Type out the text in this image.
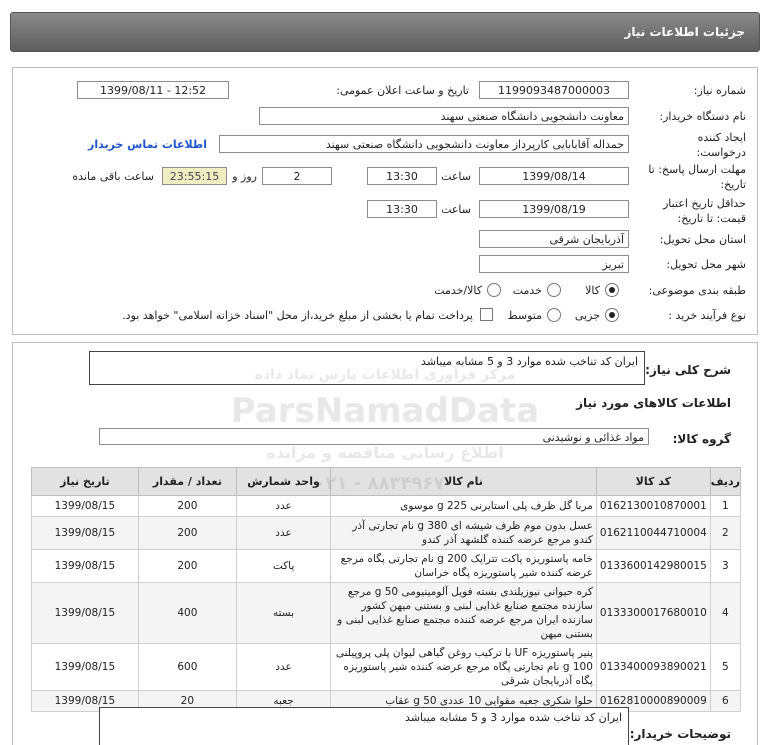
جزئیات اطلاعات نیاز
شماره نیاز:
1199093487000003
تاریخ و ساعت اعلان عمومی:
1399/08/11 - 12:52
نام دستگاه خریدار:
معاونت دانشجویی دانشگاه صنعتی سهند
ایجاد کننده درخواست:
حمداله آقابابایی کارپرداز معاونت دانشجویی دانشگاه صنعتی سهند
اطلاعات تماس خریدار
مهلت ارسال پاسخ: تا تاریخ:
1399/08/14
ساعت
13:30
2
روز و
23:55:15
ساعت باقی مانده
حداقل تاریخ اعتبار قیمت: تا تاریخ:
1399/08/19
ساعت
13:30
استان محل تحویل:
آذربایجان شرقی
شهر محل تحویل:
تبریز
طبقه بندی موضوعی:
کالا
خدمت
کالا/خدمت
نوع فرآیند خرید :
جزیی
متوسط
پرداخت تمام یا بخشی از مبلغ خرید،از محل "اسناد خزانه اسلامی" خواهد بود.
شرح کلی نیاز:
ایران کد تناخب شده موارد 3 و 5 مشابه میباشد
اطلاعات کالاهای مورد نیاز
گروه کالا:
مواد غذائی و نوشیدنی
ردیف	کد کالا	نام کالا	واحد شمارش	تعداد / مقدار	تاریخ نیاز
1	0162130010870001	مربا گل ظرف پلی استایرنی 225 g موسوی	عدد	200	1399/08/15
2	0162110044710004	عسل بدون موم ظرف شیشه ای 380 g نام تجارتی آذر کندو مرجع عرضه کننده گلشهد آذر کندو	عدد	200	1399/08/15
3	0133600142980015	خامه پاستوریزه پاکت تتراپک 200 g نام تجارتی پگاه مرجع عرضه کننده شیر پاستوریزه پگاه خراسان	پاکت	200	1399/08/15
4	0133300017680010	کره حیوانی نیوزیلندی بسته فویل آلومینیومی 50 g مرجع سازنده مجتمع صنایع غذایی لبنی و بستنی میهن کشور سازنده ایران مرجع عرضه کننده مجتمع صنایع غذایی لبنی و بستنی میهن	بسته	400	1399/08/15
5	0133400093890021	پنیر پاستوریزه UF با ترکیب روغن گیاهی لیوان پلی پروپیلنی 100 g نام تجارتی پگاه مرجع عرضه کننده شیر پاستوریزه پگاه آذربایجان شرقی	عدد	600	1399/08/15
6	0162810000890009	حلوا شکری جعبه مقوایی 10 عددی 50 g عقاب	جعبه	20	1399/08/15
توضیحات خریدار:
ایران کد تناخب شده موارد 3 و 5 مشابه میباشد
